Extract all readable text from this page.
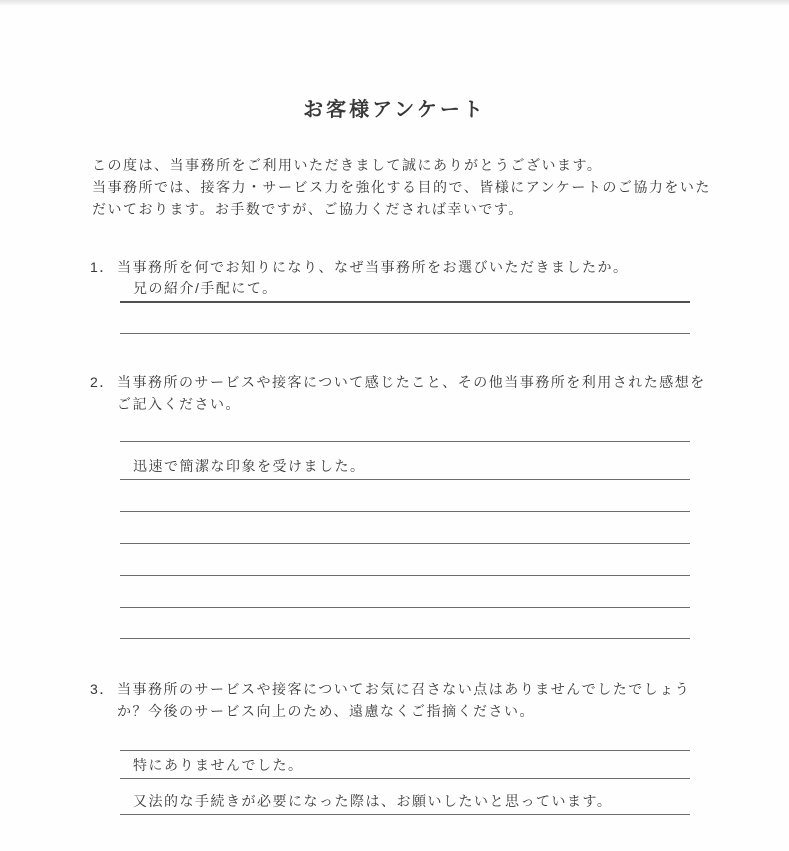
お客様アンケート
この度は、当事務所をご利用いただきまして誠にありがとうございます。
当事務所では、接客力・サービス力を強化する目的で、皆様にアンケートのご協力をいた
だいております。お手数ですが、ご協力くだされば幸いです。
1． 当事務所を何でお知りになり、なぜ当事務所をお選びいただきましたか。
兄の紹介/手配にて。
2． 当事務所のサービスや接客について感じたこと、その他当事務所を利用された感想を
ご記入ください。
迅速で簡潔な印象を受けました。
3． 当事務所のサービスや接客についてお気に召さない点はありませんでしたでしょう
か？今後のサービス向上のため、遠慮なくご指摘ください。
特にありませんでした。
又法的な手続きが必要になった際は、お願いしたいと思っています。
